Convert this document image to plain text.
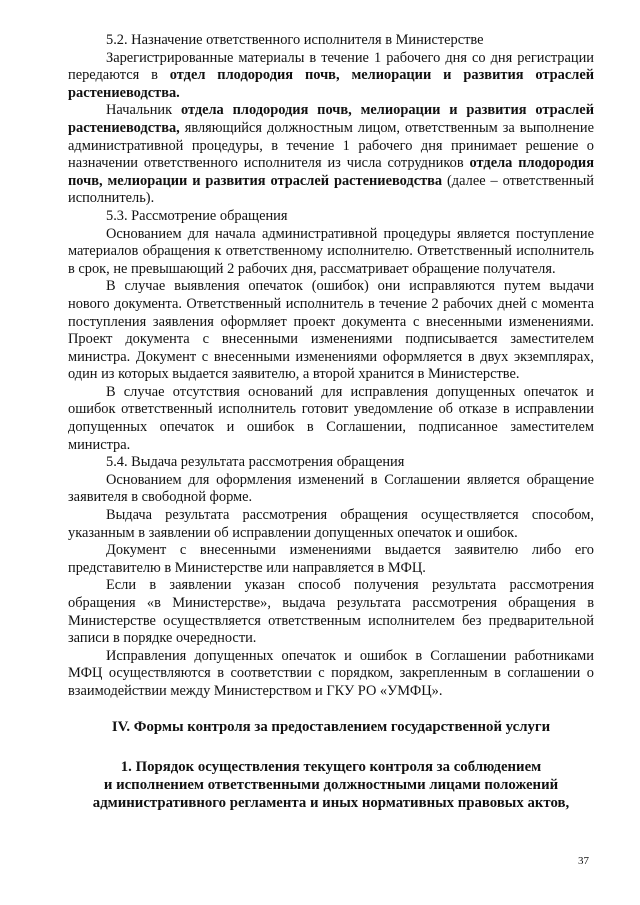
5.2. Назначение ответственного исполнителя в Министерстве

Зарегистрированные материалы в течение 1 рабочего дня со дня регистрации передаются в отдел плодородия почв, мелиорации и развития отраслей растениеводства.

Начальник отдела плодородия почв, мелиорации и развития отраслей растениеводства, являющийся должностным лицом, ответственным за выполнение административной процедуры, в течение 1 рабочего дня принимает решение о назначении ответственного исполнителя из числа сотрудников отдела плодородия почв, мелиорации и развития отраслей растениеводства (далее – ответственный исполнитель).

5.3. Рассмотрение обращения

Основанием для начала административной процедуры является поступление материалов обращения к ответственному исполнителю. Ответственный исполнитель в срок, не превышающий 2 рабочих дня, рассматривает обращение получателя.

В случае выявления опечаток (ошибок) они исправляются путем выдачи нового документа. Ответственный исполнитель в течение 2 рабочих дней с момента поступления заявления оформляет проект документа с внесенными изменениями. Проект документа с внесенными изменениями подписывается заместителем министра. Документ с внесенными изменениями оформляется в двух экземплярах, один из которых выдается заявителю, а второй хранится в Министерстве.

В случае отсутствия оснований для исправления допущенных опечаток и ошибок ответственный исполнитель готовит уведомление об отказе в исправлении допущенных опечаток и ошибок в Соглашении, подписанное заместителем министра.

5.4. Выдача результата рассмотрения обращения

Основанием для оформления изменений в Соглашении является обращение заявителя в свободной форме.

Выдача результата рассмотрения обращения осуществляется способом, указанным в заявлении об исправлении допущенных опечаток и ошибок.

Документ с внесенными изменениями выдается заявителю либо его представителю в Министерстве или направляется в МФЦ.

Если в заявлении указан способ получения результата рассмотрения обращения «в Министерстве», выдача результата рассмотрения обращения в Министерстве осуществляется ответственным исполнителем без предварительной записи в порядке очередности.

Исправления допущенных опечаток и ошибок в Соглашении работниками МФЦ осуществляются в соответствии с порядком, закрепленным в соглашении о взаимодействии между Министерством и ГКУ РО «УМФЦ».

IV. Формы контроля за предоставлением государственной услуги

1. Порядок осуществления текущего контроля за соблюдением
и исполнением ответственными должностными лицами положений
административного регламента и иных нормативных правовых актов,
37
